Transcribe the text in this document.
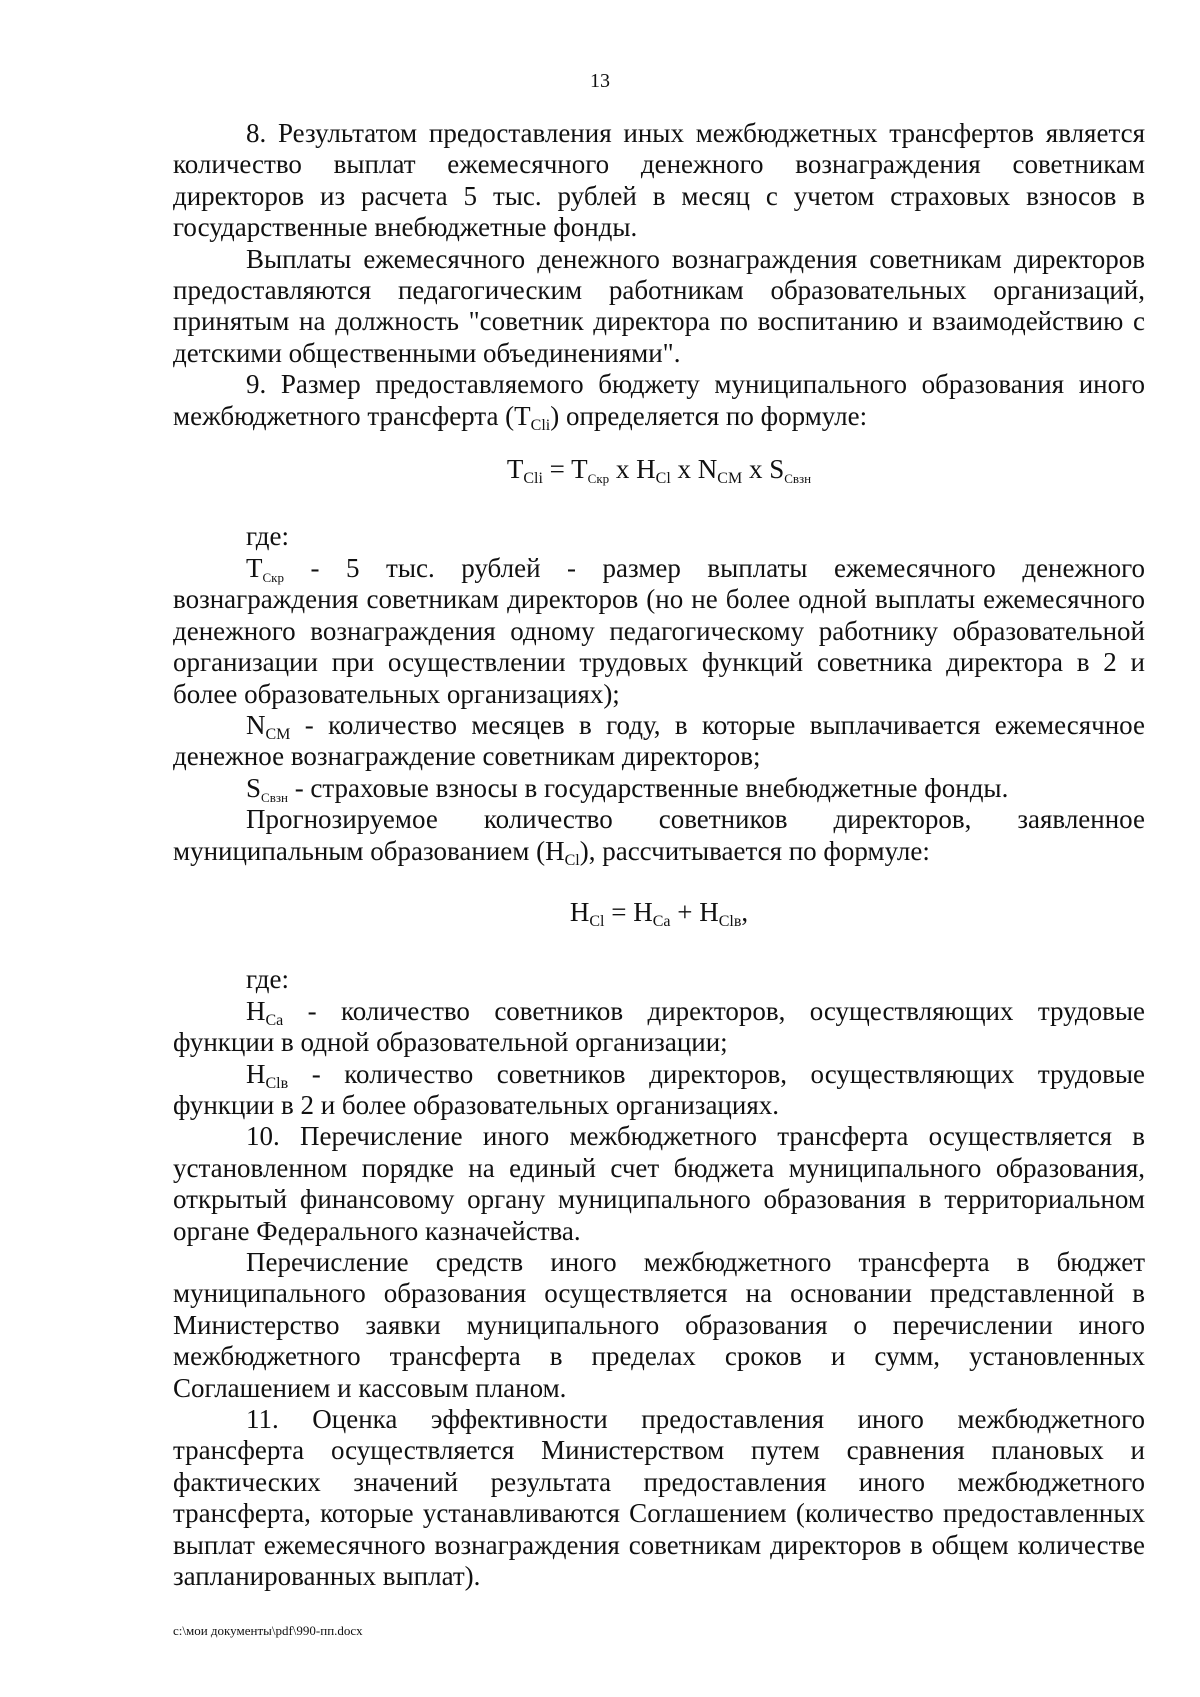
13

8. Результатом предоставления иных межбюджетных трансфертов является количество выплат ежемесячного денежного вознаграждения советникам директоров из расчета 5 тыс. рублей в месяц с учетом страховых взносов в государственные внебюджетные фонды.

Выплаты ежемесячного денежного вознаграждения советникам директоров предоставляются педагогическим работникам образовательных организаций, принятым на должность "советник директора по воспитанию и взаимодействию с детскими общественными объединениями".

9. Размер предоставляемого бюджету муниципального образования иного межбюджетного трансферта $(T_{Cli})$ определяется по формуле:

$T_{Cli} = T_{Скр}$ x $H_{Cl}$ x $N_{CM}$ x $S_{Свзн}$

где:

$T_{Скр} - 5$ тыс. рублей - размер выплаты ежемесячного денежного вознаграждения советникам директоров (но не более одной выплаты ежемесячного денежного вознаграждения одному педагогическому работнику образовательной организации при осуществлении трудовых функций советника директора в 2 и более образовательных организациях);

$N_{CM}$ - количество месяцев в году, в которые выплачивается ежемесячное денежное вознаграждение советникам директоров;

$S_{Свзн}$ - страховые взносы в государственные внебюджетные фонды.

Прогнозируемое количество советников директоров, заявленное муниципальным образованием $(H_{Cl})$, рассчитывается по формуле:

$H_{Cl} = H_{Ca} + H_{Clв}$,

где:

$H_{Ca}$ - количество советников директоров, осуществляющих трудовые функции в одной образовательной организации;

$H_{Clв}$ - количество советников директоров, осуществляющих трудовые функции в 2 и более образовательных организациях.

10. Перечисление иного межбюджетного трансферта осуществляется в установленном порядке на единый счет бюджета муниципального образования, открытый финансовому органу муниципального образования в территориальном органе Федерального казначейства.

Перечисление средств иного межбюджетного трансферта в бюджет муниципального образования осуществляется на основании представленной в Министерство заявки муниципального образования о перечислении иного межбюджетного трансферта в пределах сроков и сумм, установленных Соглашением и кассовым планом.

11. Оценка эффективности предоставления иного межбюджетного трансферта осуществляется Министерством путем сравнения плановых и фактических значений результата предоставления иного межбюджетного трансферта, которые устанавливаются Соглашением (количество предоставленных выплат ежемесячного вознаграждения советникам директоров в общем количестве запланированных выплат).

c:\мои документы\pdf\990-пп.docx
